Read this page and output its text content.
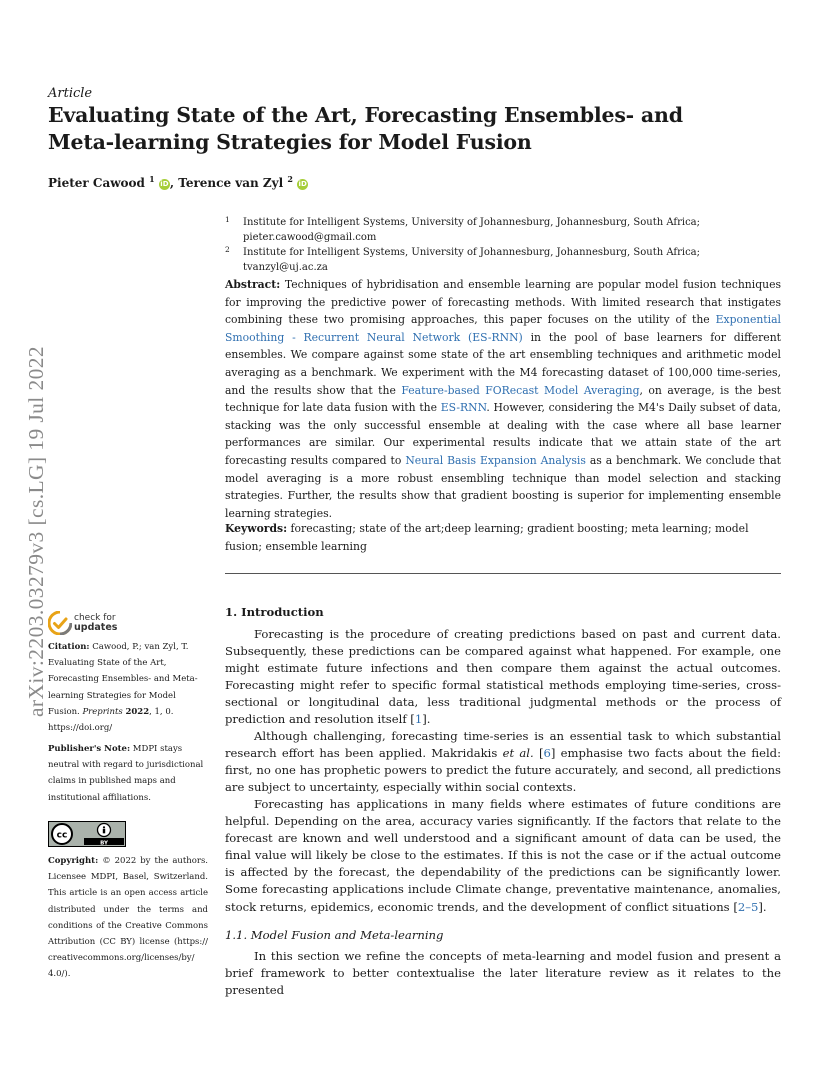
arXiv:2203.03279v3 [cs.LG] 19 Jul 2022
Article
Evaluating State of the Art, Forecasting Ensembles- and Meta-learning Strategies for Model Fusion
Pieter Cawood $^1$ iD, Terence van Zyl $^2$ iD
1	Institute for Intelligent Systems, University of Johannesburg, Johannesburg, South Africa; pieter.cawood@gmail.com
2	Institute for Intelligent Systems, University of Johannesburg, Johannesburg, South Africa; tvanzyl@uj.ac.za
Abstract: Techniques of hybridisation and ensemble learning are popular model fusion techniques for improving the predictive power of forecasting methods. With limited research that instigates combining these two promising approaches, this paper focuses on the utility of the Exponential Smoothing - Recurrent Neural Network (ES-RNN) in the pool of base learners for different ensembles. We compare against some state of the art ensembling techniques and arithmetic model averaging as a benchmark. We experiment with the M4 forecasting dataset of 100,000 time-series, and the results show that the Feature-based FORecast Model Averaging, on average, is the best technique for late data fusion with the ES-RNN. However, considering the M4's Daily subset of data, stacking was the only successful ensemble at dealing with the case where all base learner performances are similar. Our experimental results indicate that we attain state of the art forecasting results compared to Neural Basis Expansion Analysis as a benchmark. We conclude that model averaging is a more robust ensembling technique than model selection and stacking strategies. Further, the results show that gradient boosting is superior for implementing ensemble learning strategies.
Keywords: forecasting; state of the art;deep learning; gradient boosting; meta learning; model fusion; ensemble learning
1. Introduction
Forecasting is the procedure of creating predictions based on past and current data. Subsequently, these predictions can be compared against what happened. For example, one might estimate future infections and then compare them against the actual outcomes. Forecasting might refer to specific formal statistical methods employing time-series, cross-sectional or longitudinal data, less traditional judgmental methods or the process of prediction and resolution itself [1].
Although challenging, forecasting time-series is an essential task to which substantial research effort has been applied. Makridakis et al. [6] emphasise two facts about the field: first, no one has prophetic powers to predict the future accurately, and second, all predictions are subject to uncertainty, especially within social contexts.
Forecasting has applications in many fields where estimates of future conditions are helpful. Depending on the area, accuracy varies significantly. If the factors that relate to the forecast are known and well understood and a significant amount of data can be used, the final value will likely be close to the estimates. If this is not the case or if the actual outcome is affected by the forecast, the dependability of the predictions can be significantly lower. Some forecasting applications include Climate change, preventative maintenance, anomalies, stock returns, epidemics, economic trends, and the development of conflict situations [2–5].
1.1. Model Fusion and Meta-learning
In this section we refine the concepts of meta-learning and model fusion and present a brief framework to better contextualise the later literature review as it relates to the presented
check for
updates
Citation: Cawood, P.; van Zyl, T. Evaluating State of the Art, Forecasting Ensembles- and Meta-learning Strategies for Model Fusion. Preprints 2022, 1, 0. https://doi.org/
Publisher's Note: MDPI stays neutral with regard to jurisdictional claims in published maps and institutional affiliations.
cc
BY
Copyright: © 2022 by the authors. Licensee MDPI, Basel, Switzerland. This article is an open access article distributed under the terms and conditions of the Creative Commons Attribution (CC BY) license (https:// creativecommons.org/licenses/by/ 4.0/).
